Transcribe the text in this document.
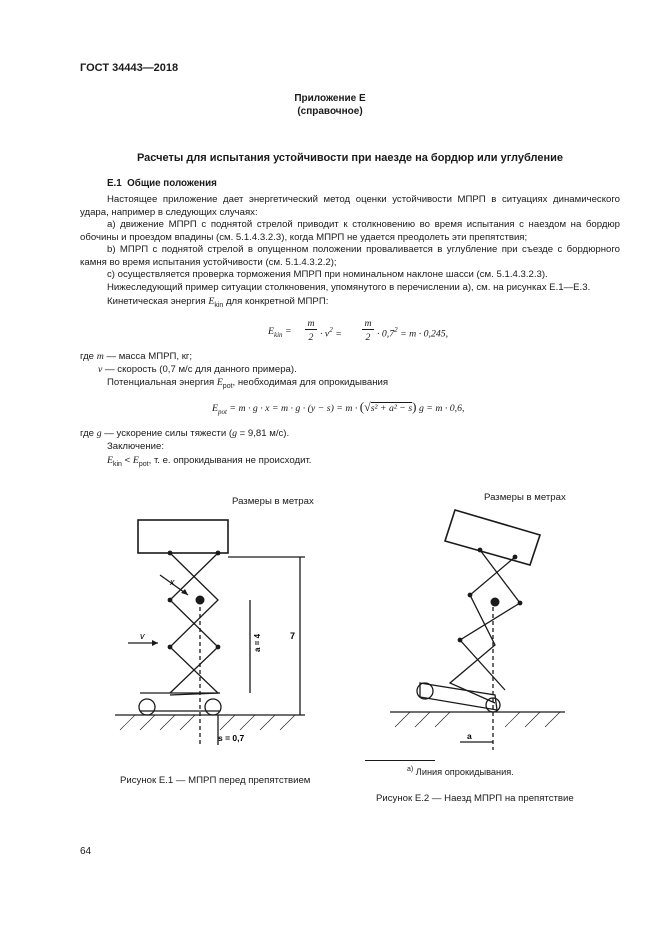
ГОСТ 34443—2018
Приложение Е
(справочное)
Расчеты для испытания устойчивости при наезде на бордюр или углубление
Е.1 Общие положения
Настоящее приложение дает энергетический метод оценки устойчивости МПРП в ситуациях динамического удара, например в следующих случаях:
a) движение МПРП с поднятой стрелой приводит к столкновению во время испытания с наездом на бордюр обочины и проездом впадины (см. 5.1.4.3.2.3), когда МПРП не удается преодолеть эти препятствия;
b) МПРП с поднятой стрелой в опущенном положении проваливается в углубление при съезде с бордюрного камня во время испытания устойчивости (см. 5.1.4.3.2.2);
c) осуществляется проверка торможения МПРП при номинальном наклоне шасси (см. 5.1.4.3.2.3).
Нижеследующий пример ситуации столкновения, упомянутого в перечислении а), см. на рисунках Е.1—Е.3.
Кинетическая энергия $E_{kin}$ для конкретной МПРП:
$E_{kin}$ =
m
$2 \cdot v^2$ =
m
$2 \cdot 0,7^2 = m \cdot 0,245$,
где m — масса МПРП, кг;
v — скорость (0,7 м/с для данного примера).
Потенциальная энергия $E_{pot}$, необходимая для опрокидывания
$E_{pot} = m \cdot g \cdot x = m \cdot g \cdot (y - s) = m \cdot (√s^2 + a^2 - s) g = m \cdot 0,6$,
где g — ускорение силы тяжести (g = 9,81 м/с).
Заключение:
$E_{kin} < E_{pot}$, т. е. опрокидывания не происходит.
Размеры в метрах
v
x
7
a = 4
s = 0,7
Рисунок Е.1 — МПРП перед препятствием
Размеры в метрах
а
$^{а)}$ Линия опрокидывания.
Рисунок Е.2 — Наезд МПРП на препятствие
64
